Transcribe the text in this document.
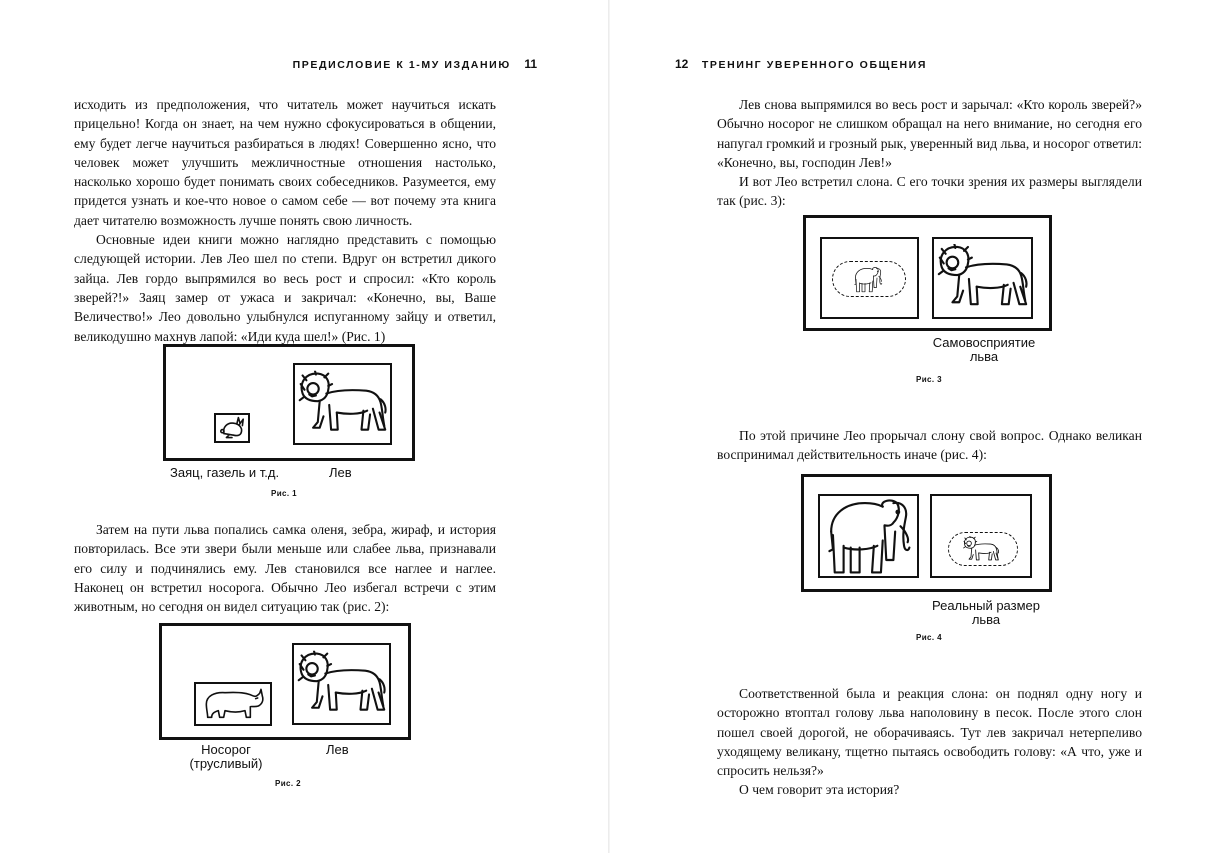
ПРЕДИСЛОВИЕ К 1-МУ ИЗДАНИЮ 11

исходить из предположения, что читатель может научиться искать прицельно! Когда он знает, на чем нужно сфокусироваться в общении, ему будет легче научиться разбираться в людях! Совершенно ясно, что человек может улучшить межличностные отношения настолько, насколько хорошо будет понимать своих собеседников. Разумеется, ему придется узнать и кое-что новое о самом себе — вот почему эта книга дает читателю возможность лучше понять свою личность.

Основные идеи книги можно наглядно представить с помощью следующей истории. Лев Лео шел по степи. Вдруг он встретил дикого зайца. Лев гордо выпрямился во весь рост и спросил: «Кто король зверей?!» Заяц замер от ужаса и закричал: «Конечно, вы, Ваше Величество!» Лео довольно улыбнулся испуганному зайцу и ответил, великодушно махнув лапой: «Иди куда шел!» (Рис. 1)

Заяц, газель и т.д.	Лев
Рис. 1

Затем на пути льва попались самка оленя, зебра, жираф, и история повторилась. Все эти звери были меньше или слабее льва, признавали его силу и подчинялись ему. Лев становился все наглее и наглее. Наконец он встретил носорога. Обычно Лео избегал встречи с этим животным, но сегодня он видел ситуацию так (рис. 2):

Носорог
(трусливый)
Лев
Рис. 2
12 ТРЕНИНГ УВЕРЕННОГО ОБЩЕНИЯ

Лев снова выпрямился во весь рост и зарычал: «Кто король зверей?» Обычно носорог не слишком обращал на него внимание, но сегодня его напугал громкий и грозный рык, уверенный вид льва, и носорог ответил: «Конечно, вы, господин Лев!»

И вот Лео встретил слона. С его точки зрения их размеры выглядели так (рис. 3):

Самовосприятие
льва
Рис. 3

По этой причине Лео прорычал слону свой вопрос. Однако великан воспринимал действительность иначе (рис. 4):

Реальный размер
льва
Рис. 4

Соответственной была и реакция слона: он поднял одну ногу и осторожно втоптал голову льва наполовину в песок. После этого слон пошел своей дорогой, не оборачиваясь. Тут лев закричал нетерпеливо уходящему великану, тщетно пытаясь освободить голову: «А что, уже и спросить нельзя?»

О чем говорит эта история?
